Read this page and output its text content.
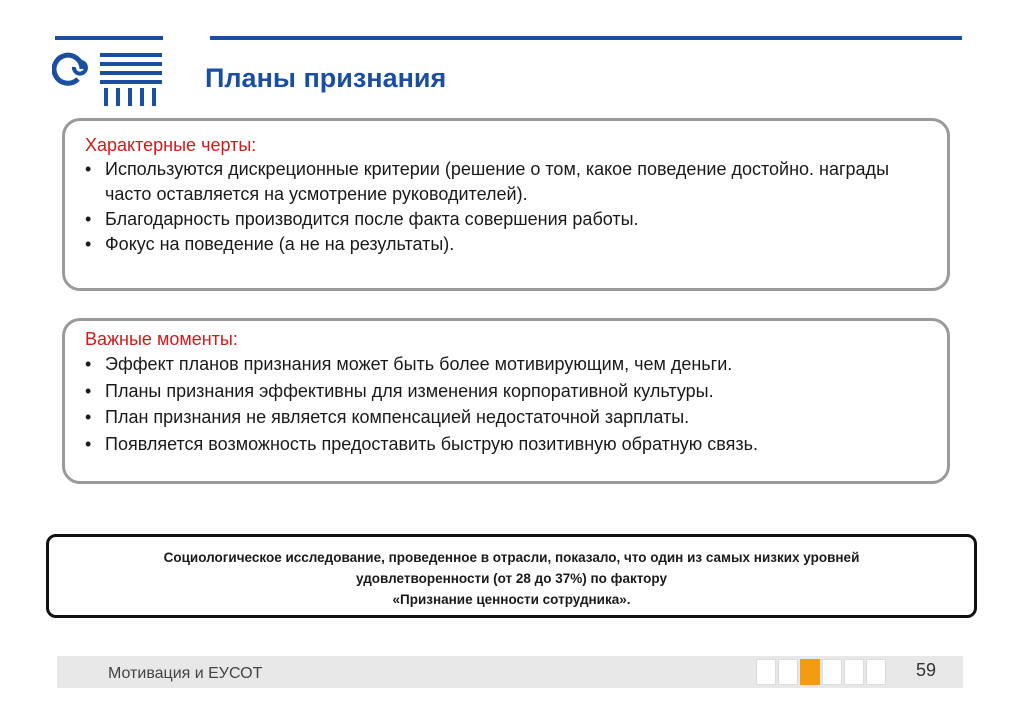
Планы признания
Характерные черты:
• Используются дискреционные критерии (решение о том, какое поведение достойно. награды часто оставляется на усмотрение руководителей).
• Благодарность производится после факта совершения работы.
• Фокус на поведение (а не на результаты).
Важные моменты:
• Эффект планов признания может быть более мотивирующим, чем деньги.
• Планы признания эффективны для изменения корпоративной культуры.
• План признания не является компенсацией недостаточной зарплаты.
• Появляется возможность предоставить быструю позитивную обратную связь.
Социологическое исследование, проведенное в отрасли, показало, что один из самых низких уровней
удовлетворенности (от 28 до 37%) по фактору
«Признание ценности сотрудника».
Мотивация и ЕУСОТ	59
